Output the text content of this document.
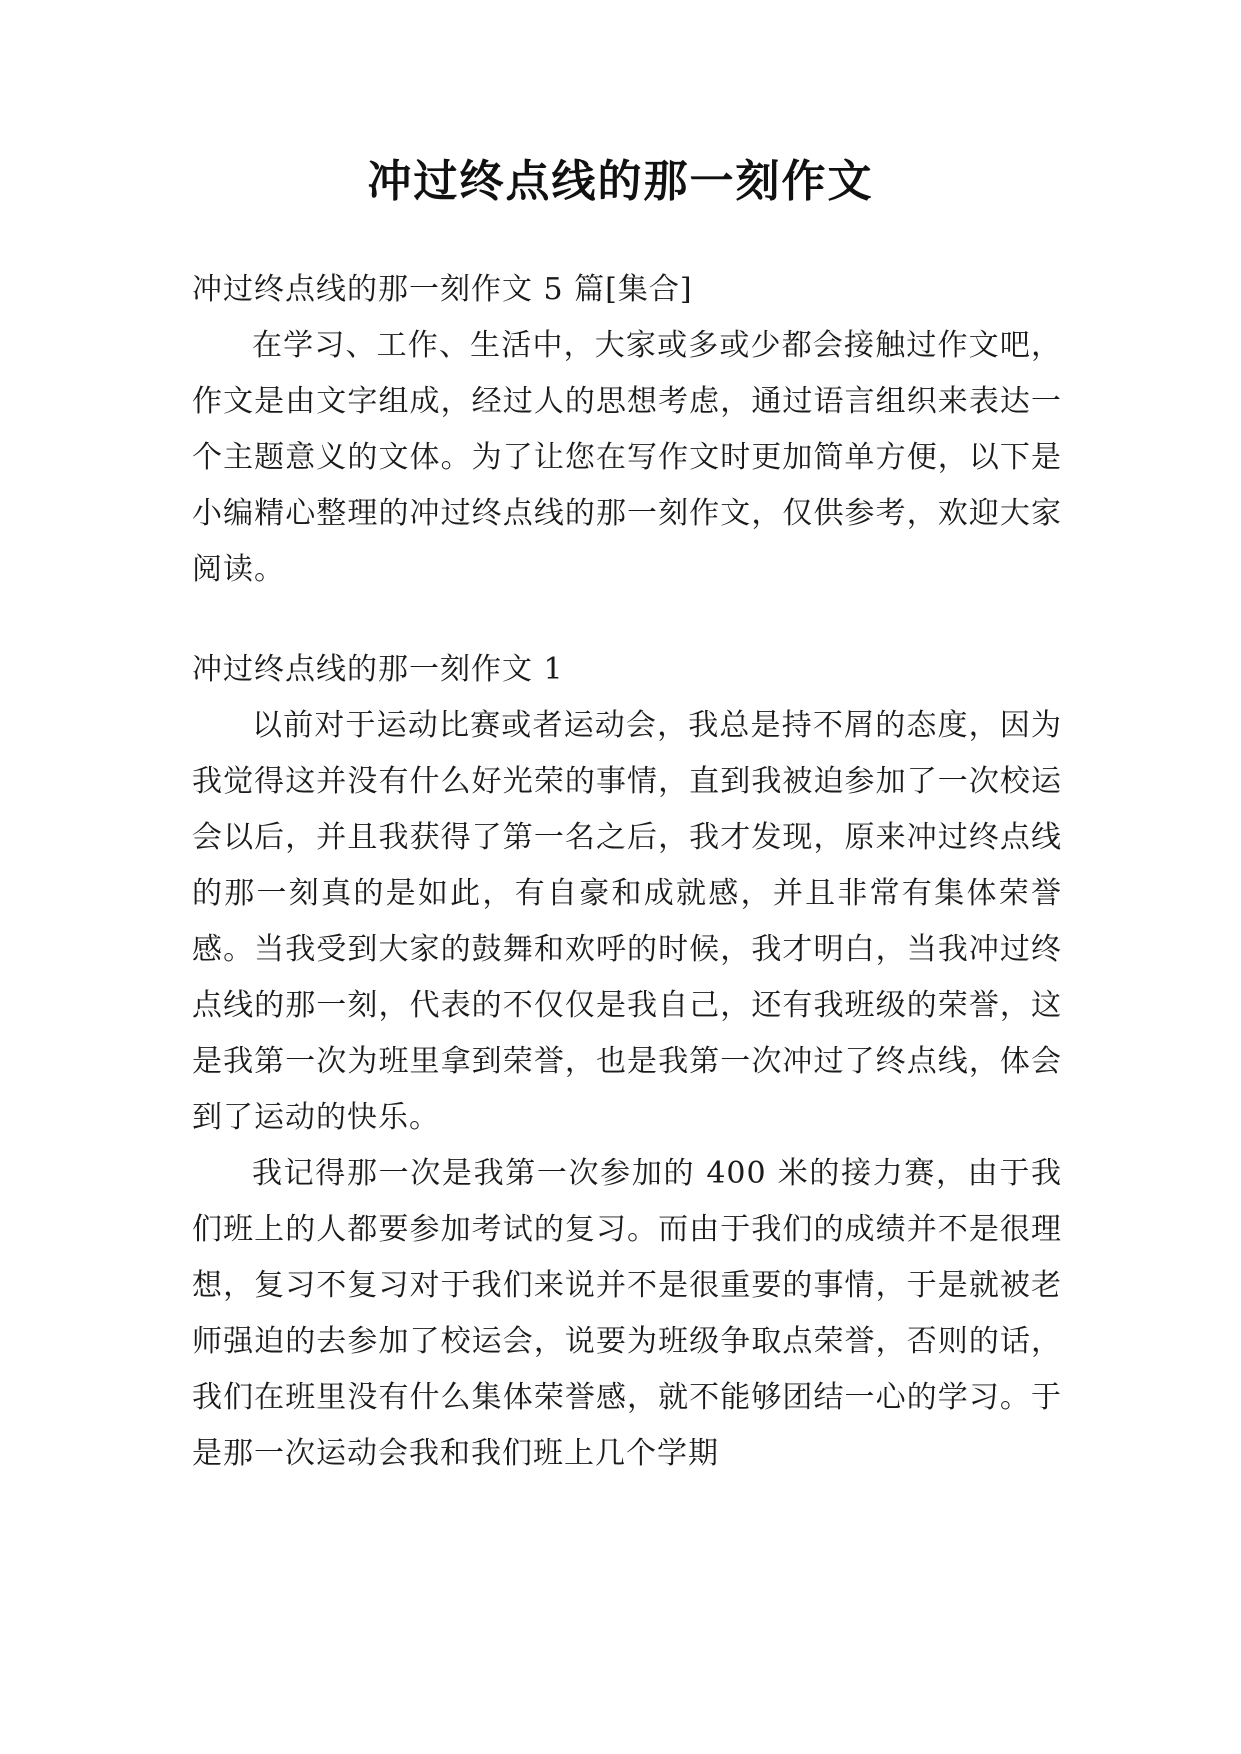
冲过终点线的那一刻作文

冲过终点线的那一刻作文 5 篇[集合]

在学习、工作、生活中，大家或多或少都会接触过作文吧，作文是由文字组成，经过人的思想考虑，通过语言组织来表达一个主题意义的文体。为了让您在写作文时更加简单方便，以下是小编精心整理的冲过终点线的那一刻作文，仅供参考，欢迎大家阅读。

冲过终点线的那一刻作文 1

以前对于运动比赛或者运动会，我总是持不屑的态度，因为我觉得这并没有什么好光荣的事情，直到我被迫参加了一次校运会以后，并且我获得了第一名之后，我才发现，原来冲过终点线的那一刻真的是如此，有自豪和成就感，并且非常有集体荣誉感。当我受到大家的鼓舞和欢呼的时候，我才明白，当我冲过终点线的那一刻，代表的不仅仅是我自己，还有我班级的荣誉，这是我第一次为班里拿到荣誉，也是我第一次冲过了终点线，体会到了运动的快乐。

我记得那一次是我第一次参加的 400 米的接力赛，由于我们班上的人都要参加考试的复习。而由于我们的成绩并不是很理想，复习不复习对于我们来说并不是很重要的事情，于是就被老师强迫的去参加了校运会，说要为班级争取点荣誉，否则的话，我们在班里没有什么集体荣誉感，就不能够团结一心的学习。于是那一次运动会我和我们班上几个学期
